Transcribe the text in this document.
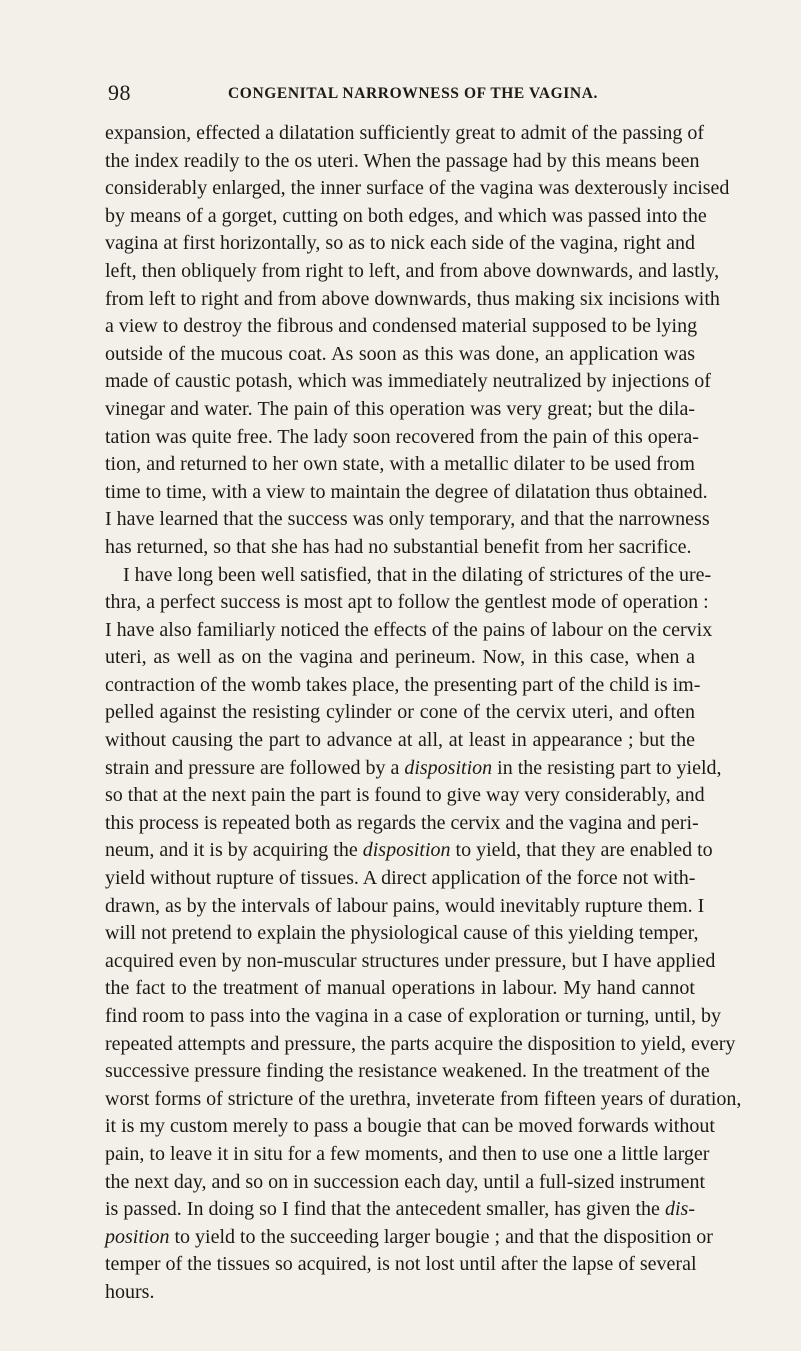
98	CONGENITAL NARROWNESS OF THE VAGINA.
expansion, effected a dilatation sufficiently great to admit of the passing of
the index readily to the os uteri. When the passage had by this means been
considerably enlarged, the inner surface of the vagina was dexterously incised
by means of a gorget, cutting on both edges, and which was passed into the
vagina at first horizontally, so as to nick each side of the vagina, right and
left, then obliquely from right to left, and from above downwards, and lastly,
from left to right and from above downwards, thus making six incisions with
a view to destroy the fibrous and condensed material supposed to be lying
outside of the mucous coat. As soon as this was done, an application was
made of caustic potash, which was immediately neutralized by injections of
vinegar and water. The pain of this operation was very great; but the dila-
tation was quite free. The lady soon recovered from the pain of this opera-
tion, and returned to her own state, with a metallic dilater to be used from
time to time, with a view to maintain the degree of dilatation thus obtained.
I have learned that the success was only temporary, and that the narrowness
has returned, so that she has had no substantial benefit from her sacrifice.
I have long been well satisfied, that in the dilating of strictures of the ure-
thra, a perfect success is most apt to follow the gentlest mode of operation :
I have also familiarly noticed the effects of the pains of labour on the cervix
uteri, as well as on the vagina and perineum. Now, in this case, when a
contraction of the womb takes place, the presenting part of the child is im-
pelled against the resisting cylinder or cone of the cervix uteri, and often
without causing the part to advance at all, at least in appearance ; but the
strain and pressure are followed by a disposition in the resisting part to yield,
so that at the next pain the part is found to give way very considerably, and
this process is repeated both as regards the cervix and the vagina and peri-
neum, and it is by acquiring the disposition to yield, that they are enabled to
yield without rupture of tissues. A direct application of the force not with-
drawn, as by the intervals of labour pains, would inevitably rupture them. I
will not pretend to explain the physiological cause of this yielding temper,
acquired even by non-muscular structures under pressure, but I have applied
the fact to the treatment of manual operations in labour. My hand cannot
find room to pass into the vagina in a case of exploration or turning, until, by
repeated attempts and pressure, the parts acquire the disposition to yield, every
successive pressure finding the resistance weakened. In the treatment of the
worst forms of stricture of the urethra, inveterate from fifteen years of duration,
it is my custom merely to pass a bougie that can be moved forwards without
pain, to leave it in situ for a few moments, and then to use one a little larger
the next day, and so on in succession each day, until a full-sized instrument
is passed. In doing so I find that the antecedent smaller, has given the dis-
position to yield to the succeeding larger bougie ; and that the disposition or
temper of the tissues so acquired, is not lost until after the lapse of several
hours.
